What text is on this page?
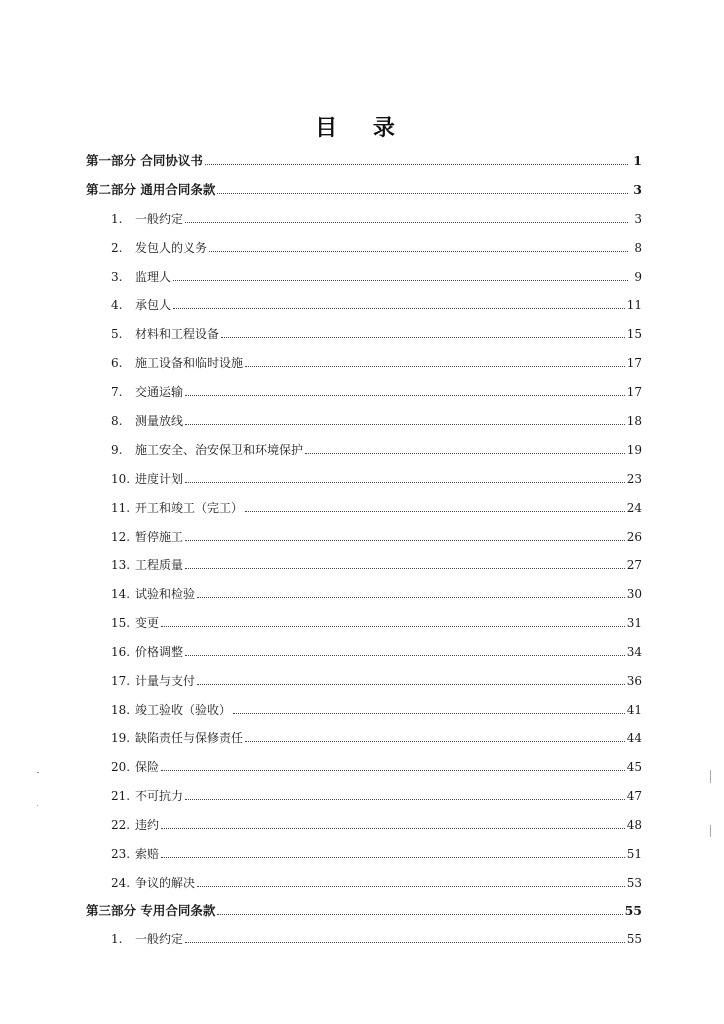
目 录
第一部分 合同协议书	1
第二部分 通用合同条款	3
1.	一般约定	3
2.	发包人的义务	8
3.	监理人	9
4.	承包人	11
5.	材料和工程设备	15
6.	施工设备和临时设施	17
7.	交通运输	17
8.	测量放线	18
9.	施工安全、治安保卫和环境保护	19
10. 进度计划	23
11. 开工和竣工（完工）	24
12. 暂停施工	26
13. 工程质量	27
14. 试验和检验	30
15. 变更	31
16. 价格调整	34
17. 计量与支付	36
18. 竣工验收（验收）	41
19. 缺陷责任与保修责任	44
20. 保险	45
21. 不可抗力	47
22. 违约	48
23. 索赔	51
24. 争议的解决	53
第三部分 专用合同条款	55
1.	一般约定	55
